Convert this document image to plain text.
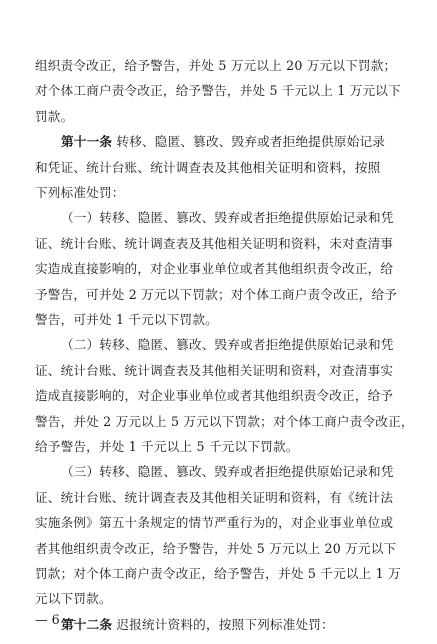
组织责令改正，给予警告，并处 5 万元以上 20 万元以下罚款；
对个体工商户责令改正，给予警告，并处 5 千元以上 1 万元以下
罚款。
第十一条 转移、隐匿、篡改、毁弃或者拒绝提供原始记录
和凭证、统计台账、统计调查表及其他相关证明和资料，按照
下列标准处罚：
（一）转移、隐匿、篡改、毁弃或者拒绝提供原始记录和凭
证、统计台账、统计调查表及其他相关证明和资料，未对查清事
实造成直接影响的，对企业事业单位或者其他组织责令改正，给
予警告，可并处 2 万元以下罚款；对个体工商户责令改正，给予
警告，可并处 1 千元以下罚款。
（二）转移、隐匿、篡改、毁弃或者拒绝提供原始记录和凭
证、统计台账、统计调查表及其他相关证明和资料，对查清事实
造成直接影响的，对企业事业单位或者其他组织责令改正，给予
警告，并处 2 万元以上 5 万元以下罚款；对个体工商户责令改正，
给予警告，并处 1 千元以上 5 千元以下罚款。
（三）转移、隐匿、篡改、毁弃或者拒绝提供原始记录和凭
证、统计台账、统计调查表及其他相关证明和资料，有《统计法
实施条例》第五十条规定的情节严重行为的，对企业事业单位或
者其他组织责令改正，给予警告，并处 5 万元以上 20 万元以下
罚款；对个体工商户责令改正，给予警告，并处 5 千元以上 1 万
元以下罚款。
第十二条 迟报统计资料的，按照下列标准处罚：
— 6 —
